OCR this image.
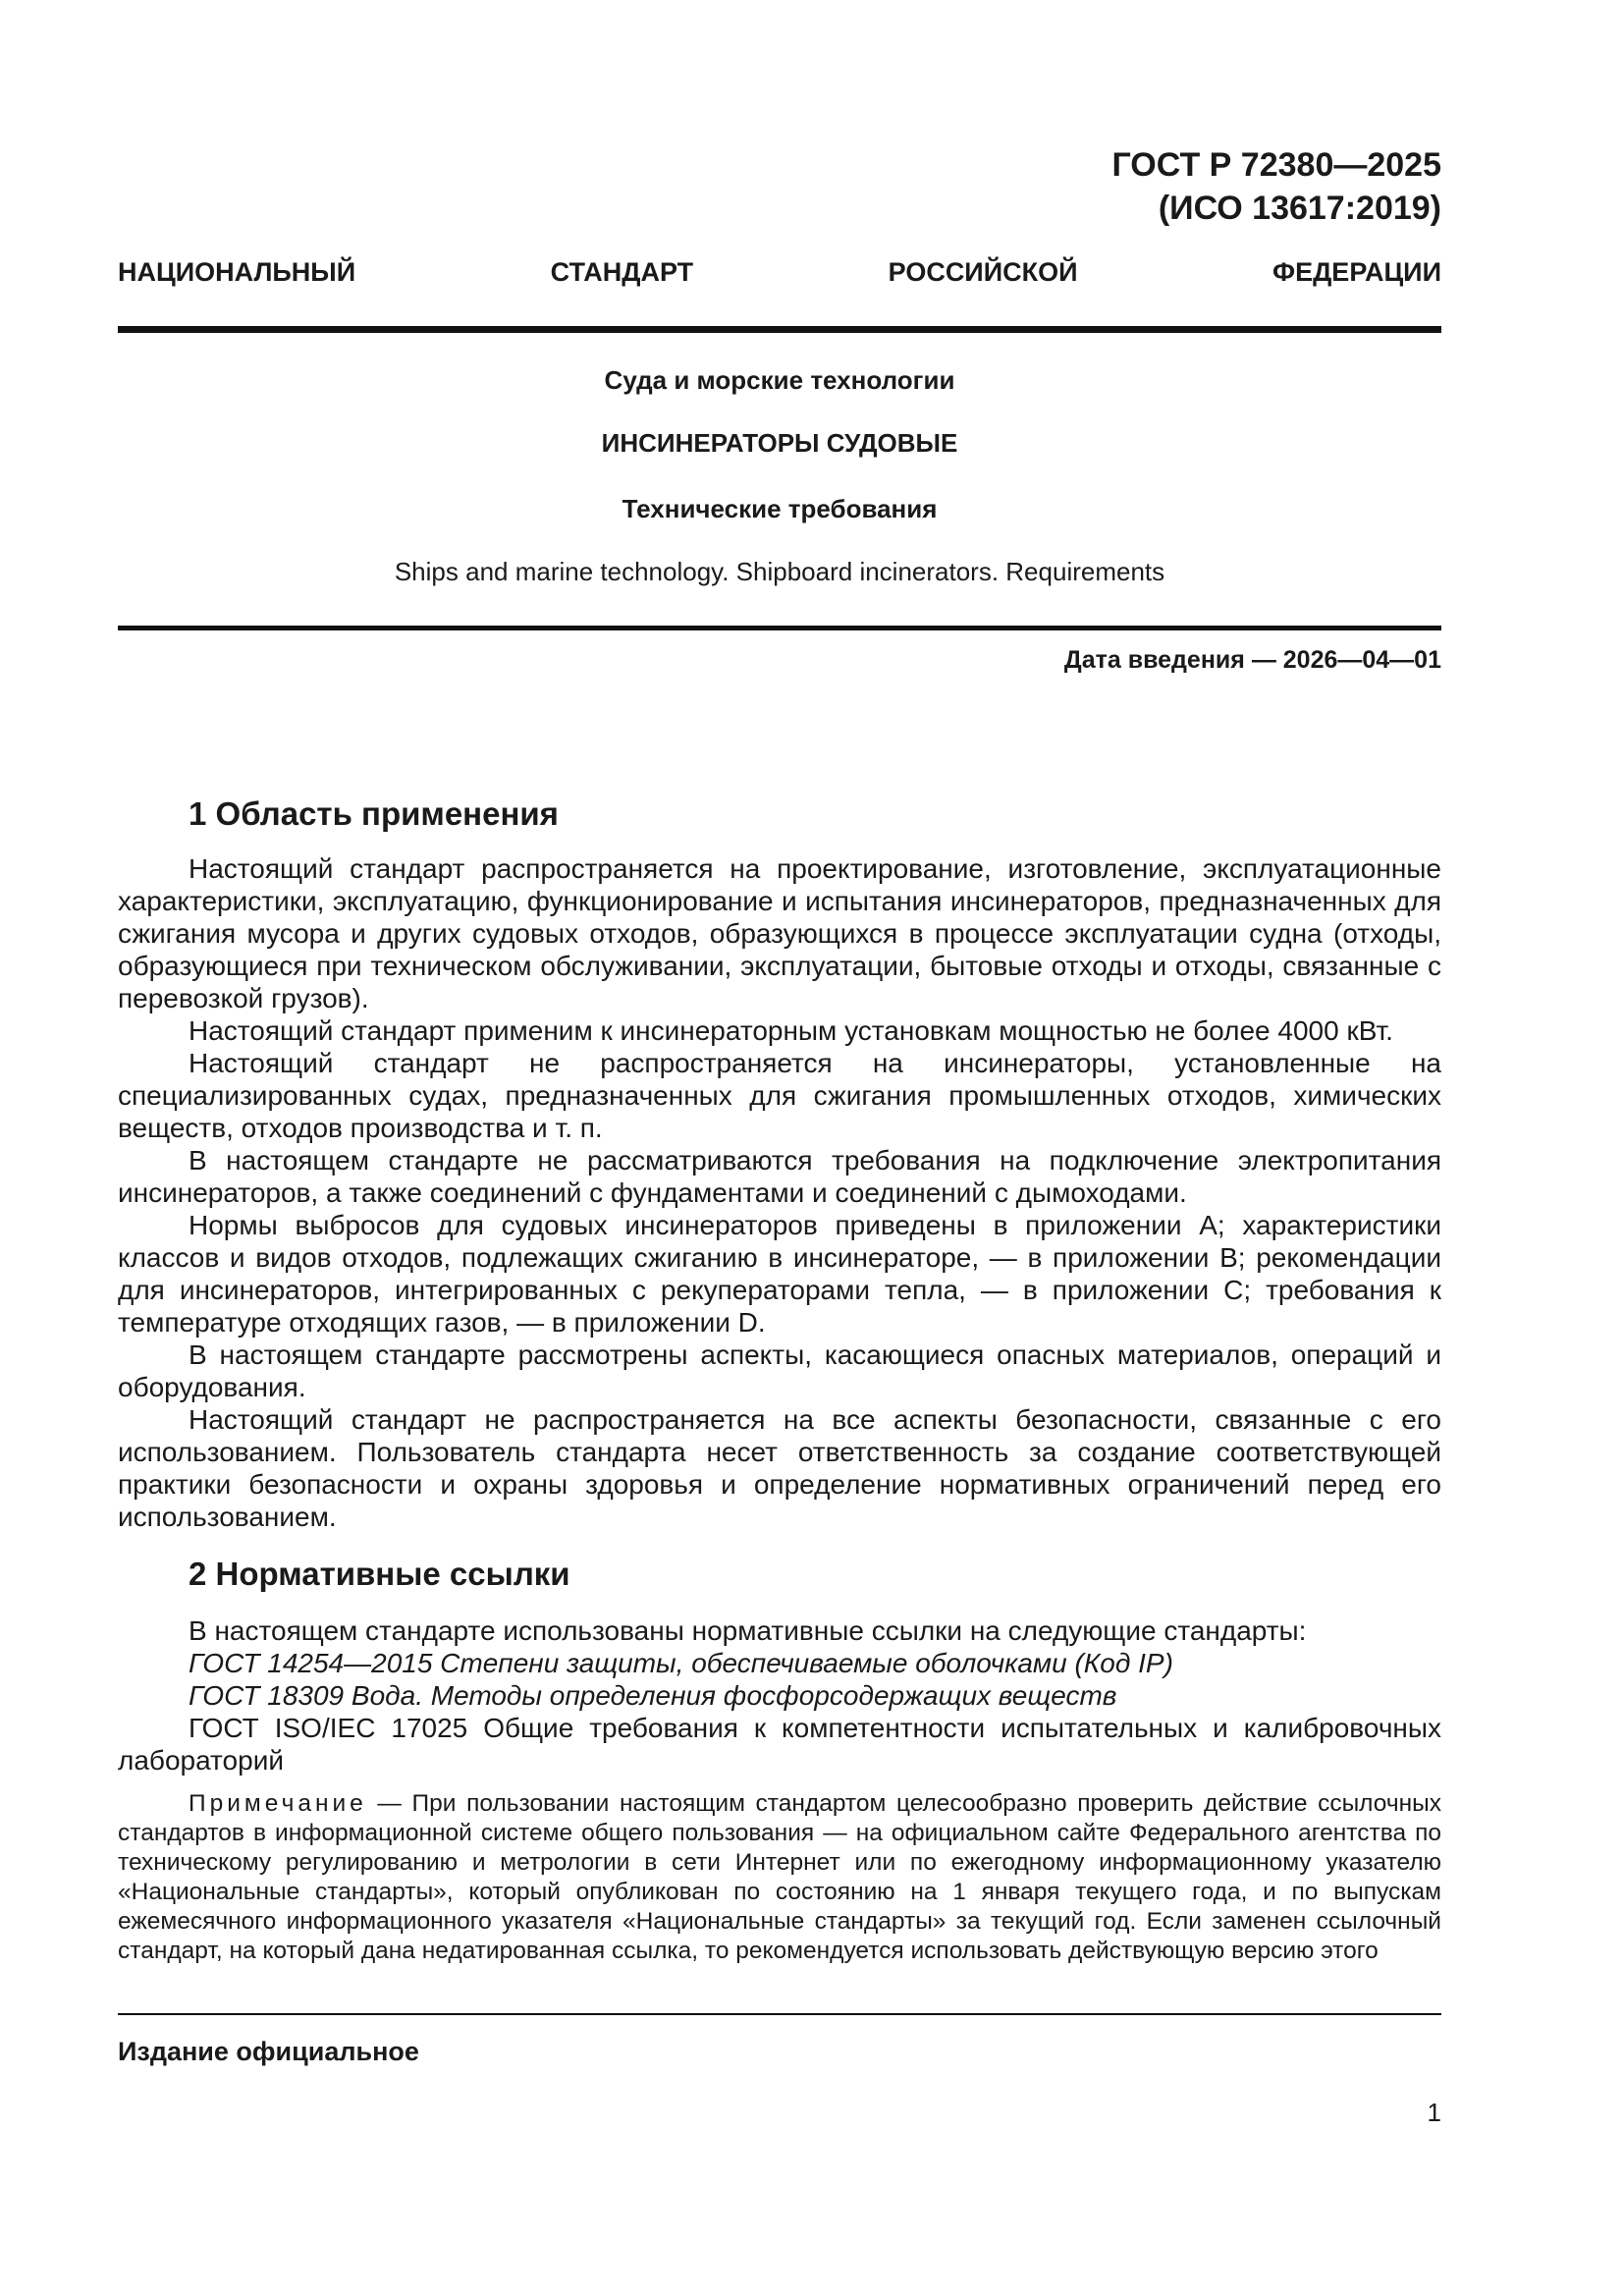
ГОСТ Р 72380—2025
(ИСО 13617:2019)
НАЦИОНАЛЬНЫЙ СТАНДАРТ РОССИЙСКОЙ ФЕДЕРАЦИИ
Суда и морские технологии
ИНСИНЕРАТОРЫ СУДОВЫЕ
Технические требования
Ships and marine technology. Shipboard incinerators. Requirements
Дата введения — 2026—04—01
1 Область применения

Настоящий стандарт распространяется на проектирование, изготовление, эксплуатационные характеристики, эксплуатацию, функционирование и испытания инсинераторов, предназначенных для сжигания мусора и других судовых отходов, образующихся в процессе эксплуатации судна (отходы, образующиеся при техническом обслуживании, эксплуатации, бытовые отходы и отходы, связанные с перевозкой грузов).

Настоящий стандарт применим к инсинераторным установкам мощностью не более 4000 кВт.

Настоящий стандарт не распространяется на инсинераторы, установленные на специализированных судах, предназначенных для сжигания промышленных отходов, химических веществ, отходов производства и т. п.

В настоящем стандарте не рассматриваются требования на подключение электропитания инсинераторов, а также соединений с фундаментами и соединений с дымоходами.

Нормы выбросов для судовых инсинераторов приведены в приложении A; характеристики классов и видов отходов, подлежащих сжиганию в инсинераторе, — в приложении B; рекомендации для инсинераторов, интегрированных с рекуператорами тепла, — в приложении C; требования к температуре отходящих газов, — в приложении D.

В настоящем стандарте рассмотрены аспекты, касающиеся опасных материалов, операций и оборудования.

Настоящий стандарт не распространяется на все аспекты безопасности, связанные с его использованием. Пользователь стандарта несет ответственность за создание соответствующей практики безопасности и охраны здоровья и определение нормативных ограничений перед его использованием.

2 Нормативные ссылки

В настоящем стандарте использованы нормативные ссылки на следующие стандарты:

ГОСТ 14254—2015 Степени защиты, обеспечиваемые оболочками (Код IP)

ГОСТ 18309 Вода. Методы определения фосфорсодержащих веществ

ГОСТ ISO/IEC 17025 Общие требования к компетентности испытательных и калибровочных лабораторий

Примечание — При пользовании настоящим стандартом целесообразно проверить действие ссылочных стандартов в информационной системе общего пользования — на официальном сайте Федерального агентства по техническому регулированию и метрологии в сети Интернет или по ежегодному информационному указателю «Национальные стандарты», который опубликован по состоянию на 1 января текущего года, и по выпускам ежемесячного информационного указателя «Национальные стандарты» за текущий год. Если заменен ссылочный стандарт, на который дана недатированная ссылка, то рекомендуется использовать действующую версию этого

Издание официальное
1
